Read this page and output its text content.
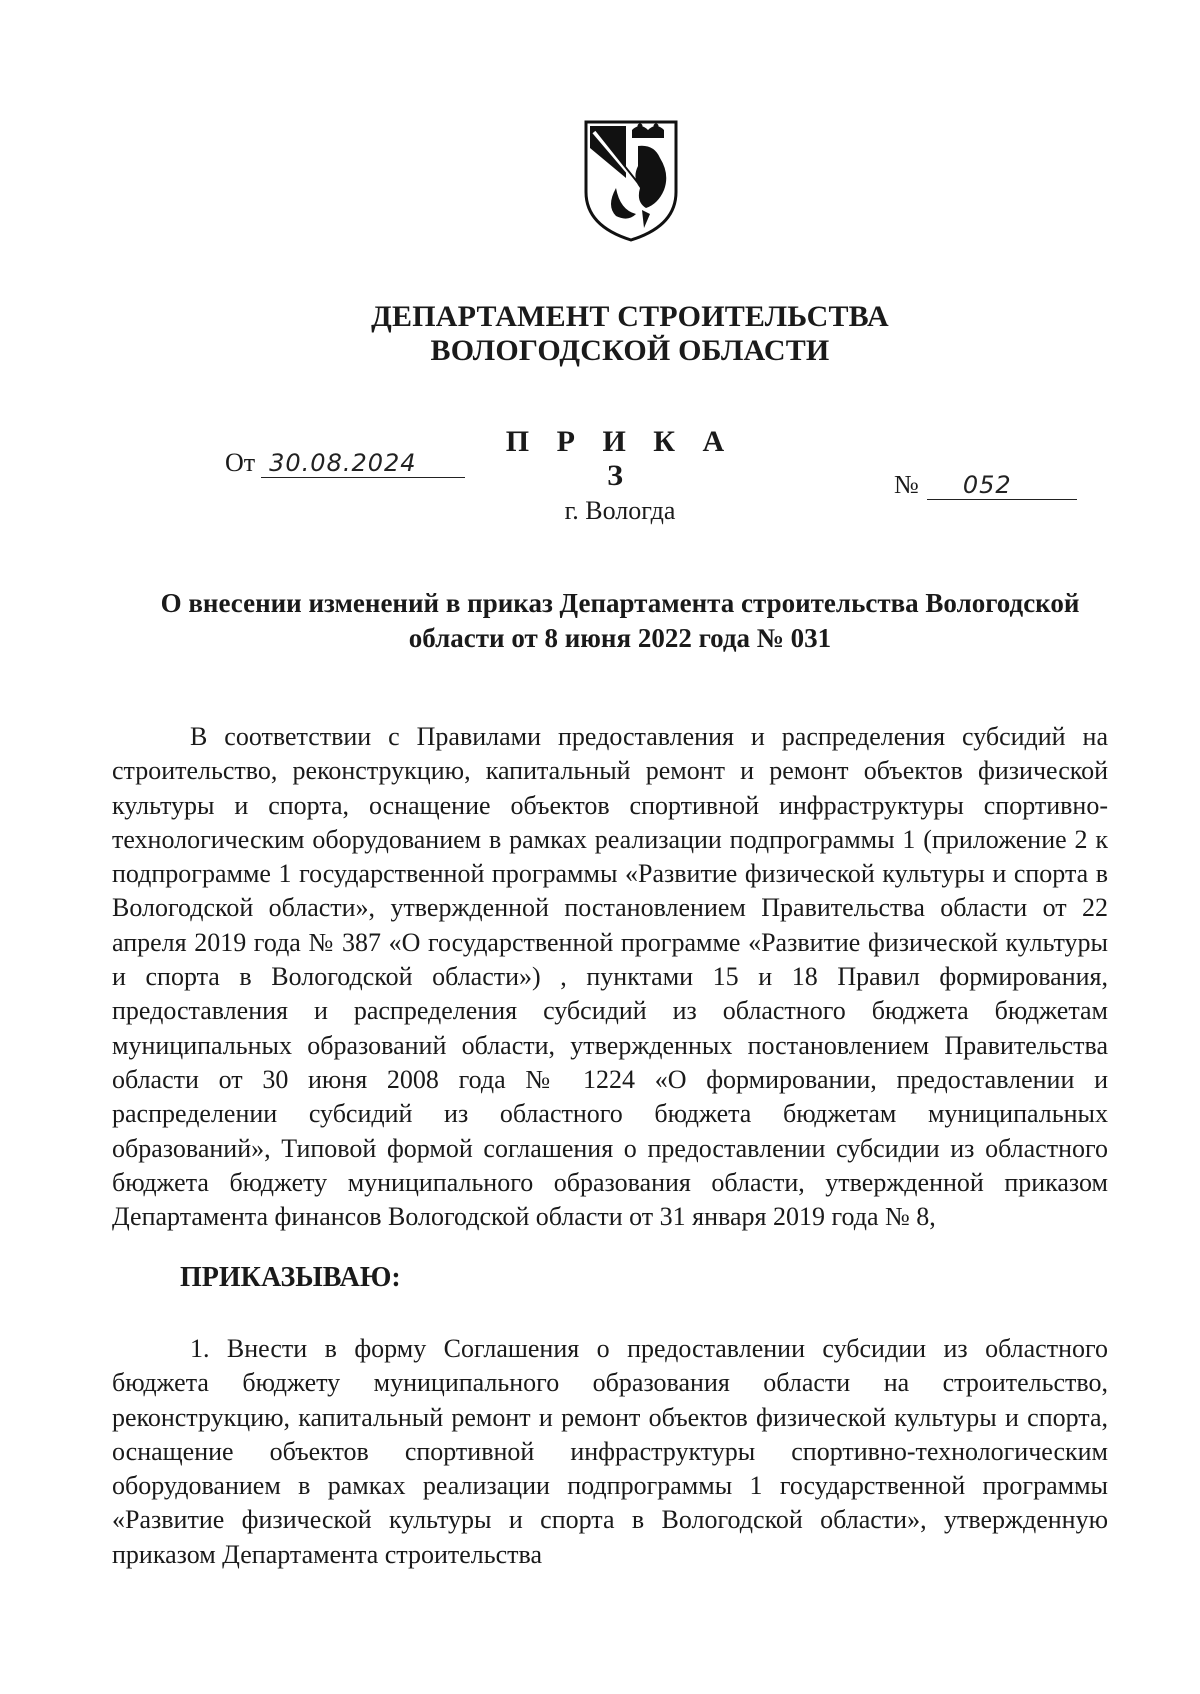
ДЕПАРТАМЕНТ СТРОИТЕЛЬСТВА
ВОЛОГОДСКОЙ ОБЛАСТИ
П Р И К А З
От 30.08.2024
№	052
г. Вологда
О внесении изменений в приказ Департамента строительства Вологодской
области от 8 июня 2022 года № 031

В соответствии с Правилами предоставления и распределения субсидий на строительство, реконструкцию, капитальный ремонт и ремонт объектов физической культуры и спорта, оснащение объектов спортивной инфраструктуры спортивно-технологическим оборудованием в рамках реализации подпрограммы 1 (приложение 2 к подпрограмме 1 государственной программы «Развитие физической культуры и спорта в Вологодской области», утвержденной постановлением Правительства области от 22 апреля 2019 года № 387 «О государственной программе «Развитие физической культуры и спорта в Вологодской области») , пунктами 15 и 18 Правил формирования, предоставления и распределения субсидий из областного бюджета бюджетам муниципальных образований области, утвержденных постановлением Правительства области от 30 июня 2008 года № 1224 «О формировании, предоставлении и распределении субсидий из областного бюджета бюджетам муниципальных образований», Типовой формой соглашения о предоставлении субсидии из областного бюджета бюджету муниципального образования области, утвержденной приказом Департамента финансов Вологодской области от 31 января 2019 года № 8,

ПРИКАЗЫВАЮ:

1. Внести в форму Соглашения о предоставлении субсидии из областного бюджета бюджету муниципального образования области на строительство, реконструкцию, капитальный ремонт и ремонт объектов физической культуры и спорта, оснащение объектов спортивной инфраструктуры спортивно-технологическим оборудованием в рамках реализации подпрограммы 1 государственной программы «Развитие физической культуры и спорта в Вологодской области», утвержденную приказом Департамента строительства
